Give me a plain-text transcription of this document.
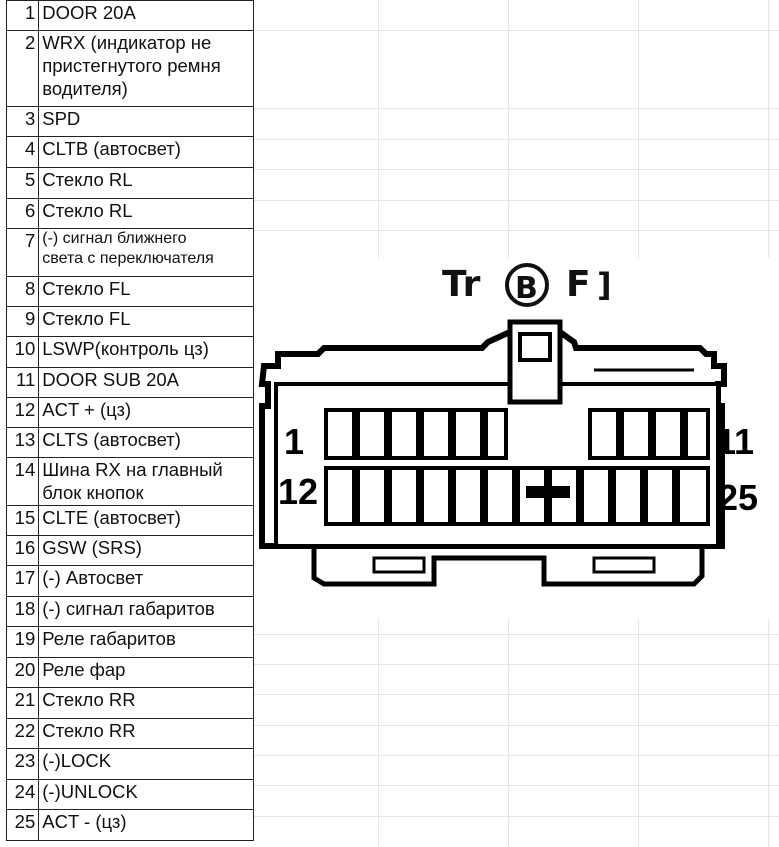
1	DOOR 20A
2	WRX (индикатор не
пристегнутого ремня
водителя)
3	SPD
4	CLTB (автосвет)
5	Стекло RL
6	Стекло RL
7	(-) сигнал ближнего
света с переключателя
8	Стекло FL
9	Стекло FL
10	LSWP(контроль цз)
11	DOOR SUB 20A
12	ACT + (цз)
13	CLTS (автосвет)
14	Шина RX на главный
блок кнопок
15	CLTE (автосвет)
16	GSW (SRS)
17	(-) Автосвет
18	(-) сигнал габаритов
19	Реле габаритов
20	Реле фар
21	Стекло RR
22	Стекло RR
23	(-)LOCK
24	(-)UNLOCK
25	ACT - (цз)
Tr B F ]
1	11
12	25
